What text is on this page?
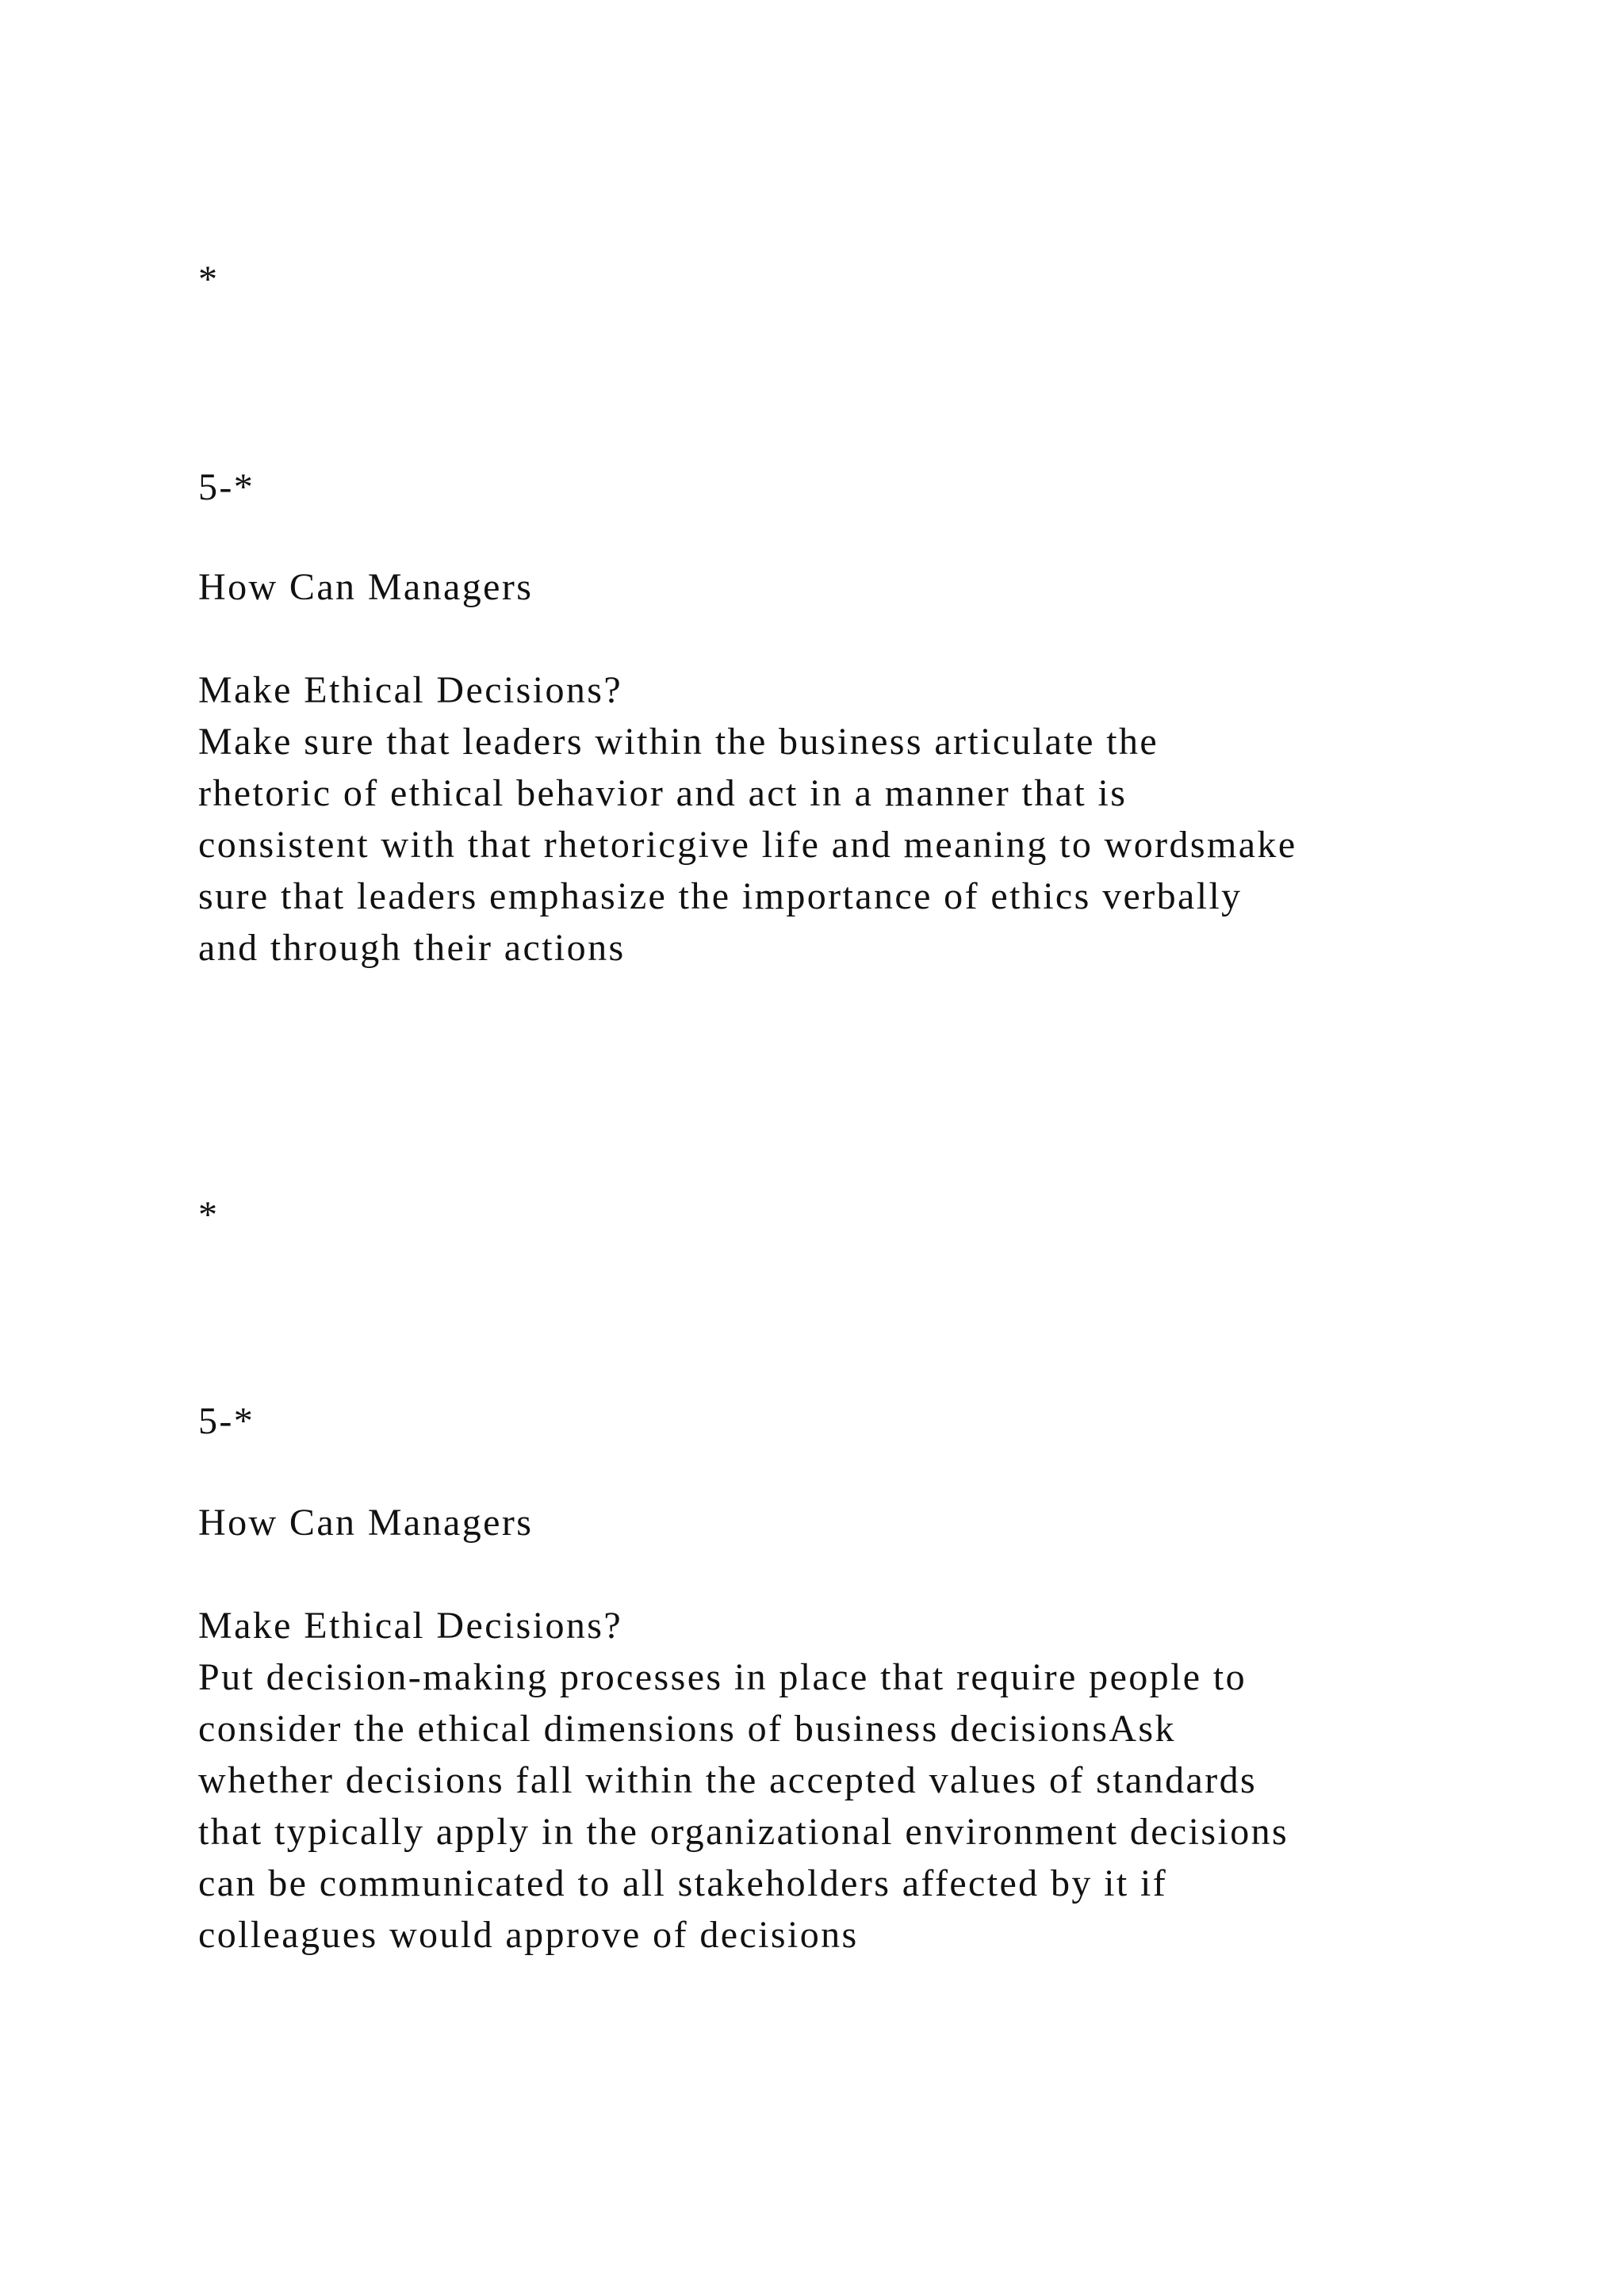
*

5-*

How Can Managers

Make Ethical Decisions?

Make sure that leaders within the business articulate the

rhetoric of ethical behavior and act in a manner that is

consistent with that rhetoricgive life and meaning to wordsmake

sure that leaders emphasize the importance of ethics verbally

and through their actions

*

5-*

How Can Managers

Make Ethical Decisions?

Put decision-making processes in place that require people to

consider the ethical dimensions of business decisionsAsk

whether decisions fall within the accepted values of standards

that typically apply in the organizational environment decisions

can be communicated to all stakeholders affected by it if

colleagues would approve of decisions
